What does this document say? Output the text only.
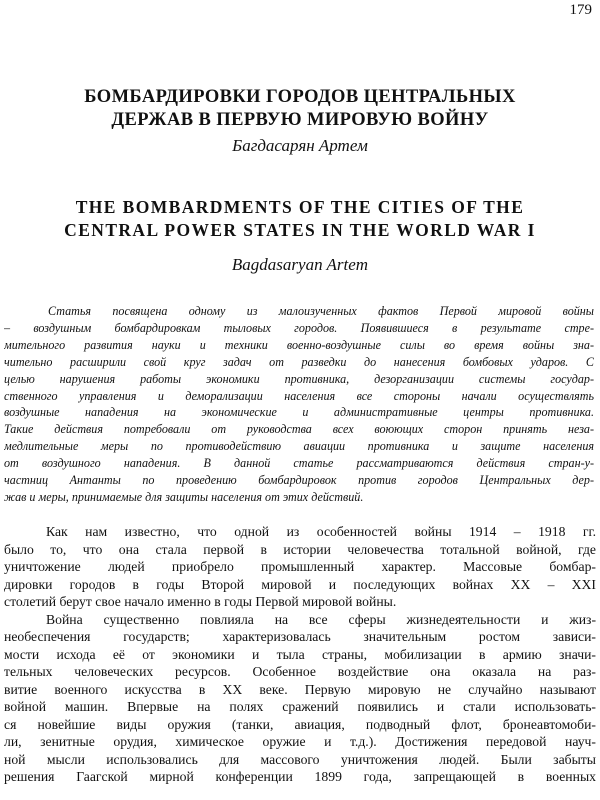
179
БОМБАРДИРОВКИ ГОРОДОВ ЦЕНТРАЛЬНЫХ
ДЕРЖАВ В ПЕРВУЮ МИРОВУЮ ВОЙНУ
Багдасарян Артем
THE BOMBARDMENTS OF THE CITIES OF THE
CENTRAL POWER STATES IN THE WORLD WAR I
Bagdasaryan Artem
Статья посвящена одному из малоизученных фактов Первой мировой войны
– воздушным бомбардировкам тыловых городов. Появившиеся в результате стре-
мительного развития науки и техники военно-воздушные силы во время войны зна-
чительно расширили свой круг задач от разведки до нанесения бомбовых ударов. С
целью нарушения работы экономики противника, дезорганизации системы государ-
ственного управления и деморализации населения все стороны начали осуществлять
воздушные нападения на экономические и административные центры противника.
Такие действия потребовали от руководства всех воюющих сторон принять неза-
медлительные меры по противодействию авиации противника и защите населения
от воздушного нападения. В данной статье рассматриваются действия стран-у-
частниц Антанты по проведению бомбардировок против городов Центральных дер-
жав и меры, принимаемые для защиты населения от этих действий.
Как нам известно, что одной из особенностей войны 1914 – 1918 гг.
было то, что она стала первой в истории человечества тотальной войной, где
уничтожение людей приобрело промышленный характер. Массовые бомбар-
дировки городов в годы Второй мировой и последующих войнах XX – XXI
столетий берут свое начало именно в годы Первой мировой войны.
Война существенно повлияла на все сферы жизнедеятельности и жиз-
необеспечения государств; характеризовалась значительным ростом зависи-
мости исхода её от экономики и тыла страны, мобилизации в армию значи-
тельных человеческих ресурсов. Особенное воздействие она оказала на раз-
витие военного искусства в XX веке. Первую мировую не случайно называют
войной машин. Впервые на полях сражений появились и стали использовать-
ся новейшие виды оружия (танки, авиация, подводный флот, бронеавтомоби-
ли, зенитные орудия, химическое оружие и т.д.). Достижения передовой науч-
ной мысли использовались для массового уничтожения людей. Были забыты
решения Гаагской мирной конференции 1899 года, запрещающей в военных
